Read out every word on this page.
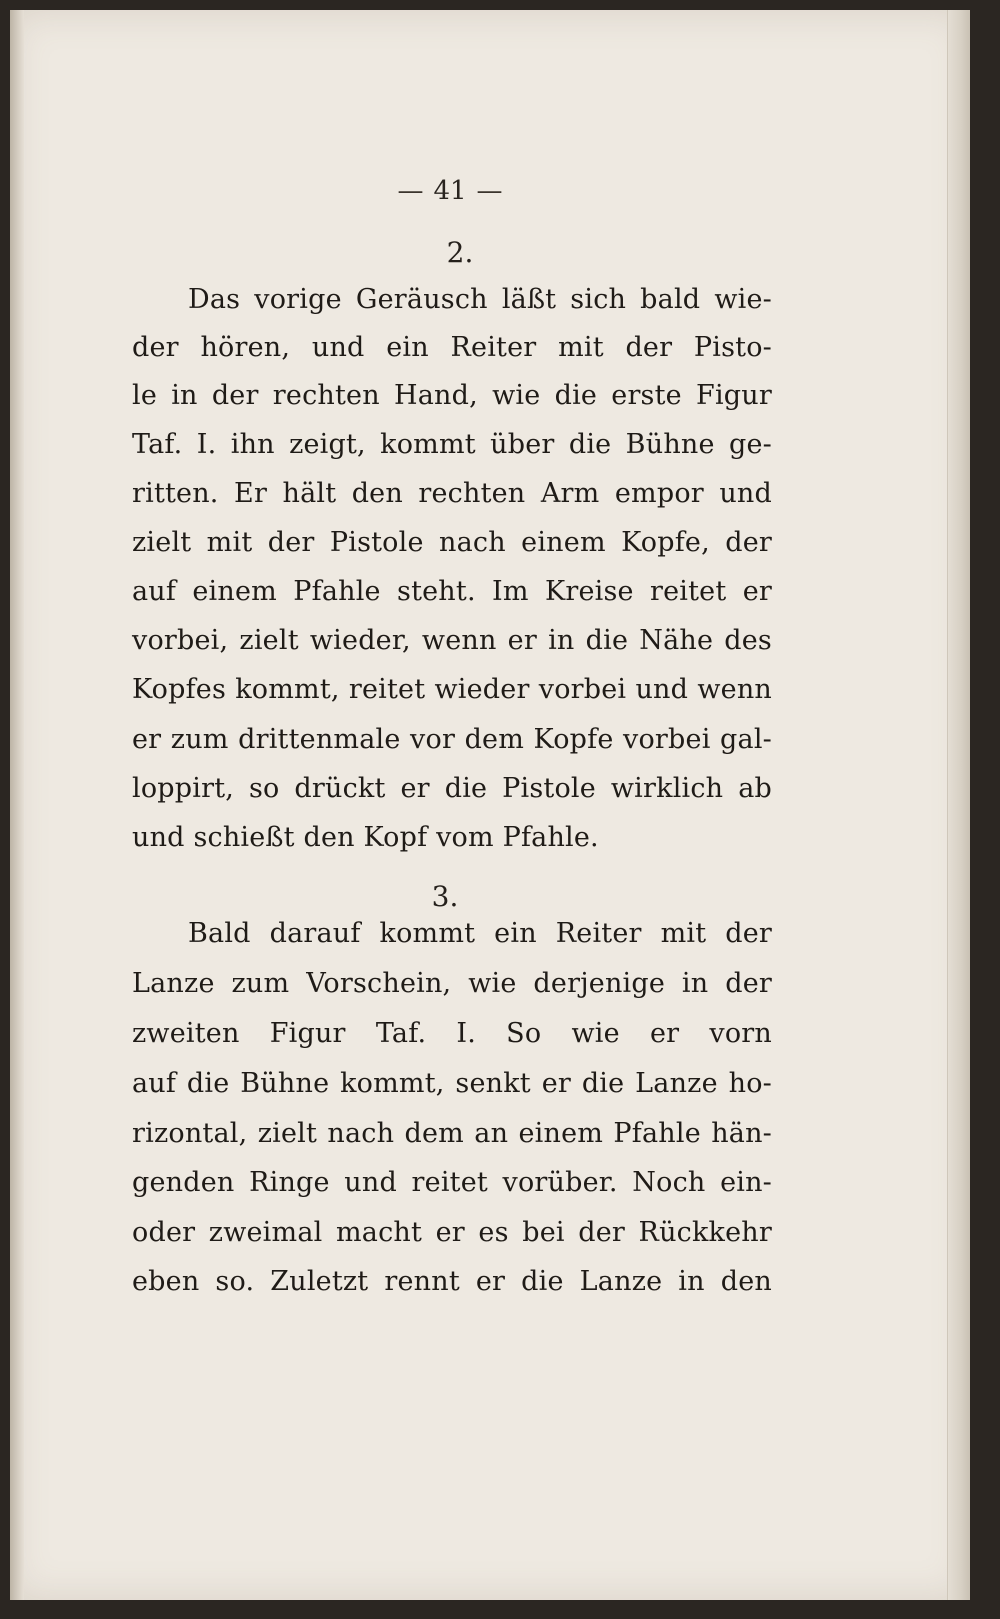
— 41 —
2.
Das vorige Geräusch läßt sich bald wie-
der hören, und ein Reiter mit der Pisto-
le in der rechten Hand, wie die erste Figur
Taf. I. ihn zeigt, kommt über die Bühne ge-
ritten. Er hält den rechten Arm empor und
zielt mit der Pistole nach einem Kopfe, der
auf einem Pfahle steht. Im Kreise reitet er
vorbei, zielt wieder, wenn er in die Nähe des
Kopfes kommt, reitet wieder vorbei und wenn
er zum drittenmale vor dem Kopfe vorbei gal-
loppirt, so drückt er die Pistole wirklich ab
und schießt den Kopf vom Pfahle.
3.
Bald darauf kommt ein Reiter mit der
Lanze zum Vorschein, wie derjenige in der
zweiten Figur Taf. I. So wie er vorn
auf die Bühne kommt, senkt er die Lanze ho-
rizontal, zielt nach dem an einem Pfahle hän-
genden Ringe und reitet vorüber. Noch ein-
oder zweimal macht er es bei der Rückkehr
eben so. Zuletzt rennt er die Lanze in den
